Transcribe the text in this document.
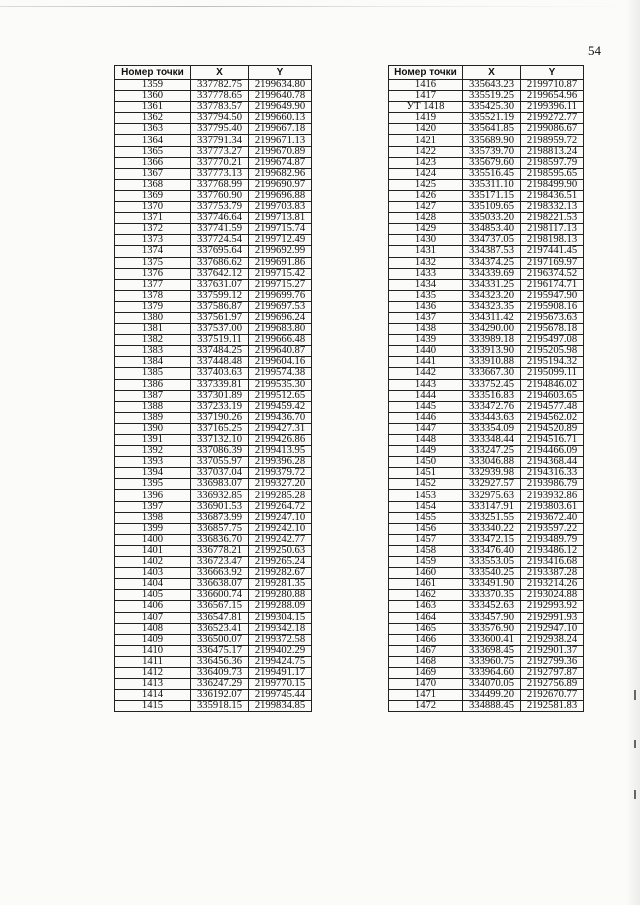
54
Номер точки	X	Y
1359	337782.75	2199634.80
1360	337778.65	2199640.78
1361	337783.57	2199649.90
1362	337794.50	2199660.13
1363	337795.40	2199667.18
1364	337791.34	2199671.13
1365	337773.27	2199670.89
1366	337770.21	2199674.87
1367	337773.13	2199682.96
1368	337768.99	2199690.97
1369	337760.90	2199696.88
1370	337753.79	2199703.83
1371	337746.64	2199713.81
1372	337741.59	2199715.74
1373	337724.54	2199712.49
1374	337695.64	2199692.99
1375	337686.62	2199691.86
1376	337642.12	2199715.42
1377	337631.07	2199715.27
1378	337599.12	2199699.76
1379	337586.87	2199697.53
1380	337561.97	2199696.24
1381	337537.00	2199683.80
1382	337519.11	2199666.48
1383	337484.25	2199640.87
1384	337448.48	2199604.16
1385	337403.63	2199574.38
1386	337339.81	2199535.30
1387	337301.89	2199512.65
1388	337233.19	2199459.42
1389	337190.26	2199436.70
1390	337165.25	2199427.31
1391	337132.10	2199426.86
1392	337086.39	2199413.95
1393	337055.97	2199396.28
1394	337037.04	2199379.72
1395	336983.07	2199327.20
1396	336932.85	2199285.28
1397	336901.53	2199264.72
1398	336873.99	2199247.10
1399	336857.75	2199242.10
1400	336836.70	2199242.77
1401	336778.21	2199250.63
1402	336723.47	2199265.24
1403	336663.92	2199282.67
1404	336638.07	2199281.35
1405	336600.74	2199280.88
1406	336567.15	2199288.09
1407	336547.81	2199304.15
1408	336523.41	2199342.18
1409	336500.07	2199372.58
1410	336475.17	2199402.29
1411	336456.36	2199424.75
1412	336409.73	2199491.17
1413	336247.29	2199770.15
1414	336192.07	2199745.44
1415	335918.15	2199834.85
Номер точки	X	Y
1416	335643.23	2199710.87
1417	335519.25	2199654.96
УТ 1418	335425.30	2199396.11
1419	335521.19	2199272.77
1420	335641.85	2199086.67
1421	335689.90	2198959.72
1422	335739.70	2198813.24
1423	335679.60	2198597.79
1424	335516.45	2198595.65
1425	335311.10	2198499.90
1426	335171.15	2198436.51
1427	335109.65	2198332.13
1428	335033.20	2198221.53
1429	334853.40	2198117.13
1430	334737.05	2198198.13
1431	334387.53	2197441.45
1432	334374.25	2197169.97
1433	334339.69	2196374.52
1434	334331.25	2196174.71
1435	334323.20	2195947.90
1436	334323.35	2195908.16
1437	334311.42	2195673.63
1438	334290.00	2195678.18
1439	333989.18	2195497.08
1440	333913.90	2195205.98
1441	333910.88	2195194.32
1442	333667.30	2195099.11
1443	333752.45	2194846.02
1444	333516.83	2194603.65
1445	333472.76	2194577.48
1446	333443.63	2194562.02
1447	333354.09	2194520.89
1448	333348.44	2194516.71
1449	333247.25	2194466.09
1450	333046.88	2194368.44
1451	332939.98	2194316.33
1452	332927.57	2193986.79
1453	332975.63	2193932.86
1454	333147.91	2193803.61
1455	333251.55	2193672.40
1456	333340.22	2193597.22
1457	333472.15	2193489.79
1458	333476.40	2193486.12
1459	333553.05	2193416.68
1460	333540.25	2193387.28
1461	333491.90	2193214.26
1462	333370.35	2193024.88
1463	333452.63	2192993.92
1464	333457.90	2192991.93
1465	333576.90	2192947.10
1466	333600.41	2192938.24
1467	333698.45	2192901.37
1468	333960.75	2192799.36
1469	333964.60	2192797.87
1470	334070.05	2192756.89
1471	334499.20	2192670.77
1472	334888.45	2192581.83
